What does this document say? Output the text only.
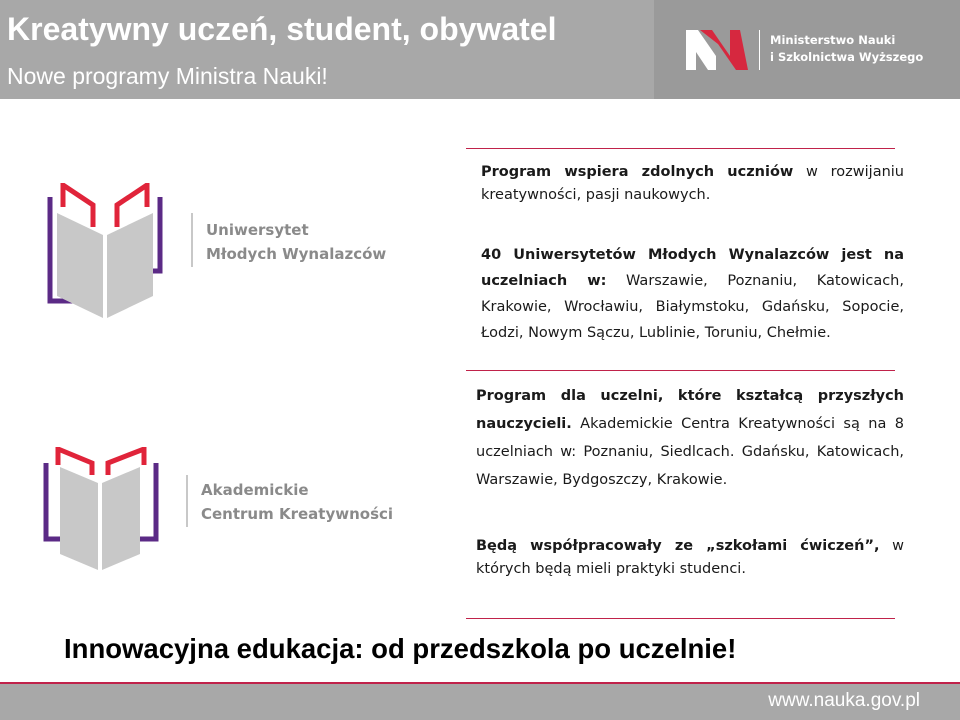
Kreatywny uczeń, student, obywatel
Nowe programy Ministra Nauki!
Ministerstwo Nauki
i Szkolnictwa Wyższego
Uniwersytet
Młodych Wynalazców
Akademickie
Centrum Kreatywności
Program wspiera zdolnych uczniów w rozwijaniu kreatywności, pasji naukowych.
40 Uniwersytetów Młodych Wynalazców jest na uczelniach w: Warszawie, Poznaniu, Katowicach, Krakowie, Wrocławiu, Białymstoku, Gdańsku, Sopocie, Łodzi, Nowym Sączu, Lublinie, Toruniu, Chełmie.
Program dla uczelni, które kształcą przyszłych nauczycieli. Akademickie Centra Kreatywności są na 8 uczelniach w: Poznaniu, Siedlcach. Gdańsku, Katowicach, Warszawie, Bydgoszczy, Krakowie.
Będą współpracowały ze „szkołami ćwiczeń”, w których będą mieli praktyki studenci.
Innowacyjna edukacja: od przedszkola po uczelnie!
www.nauka.gov.pl
